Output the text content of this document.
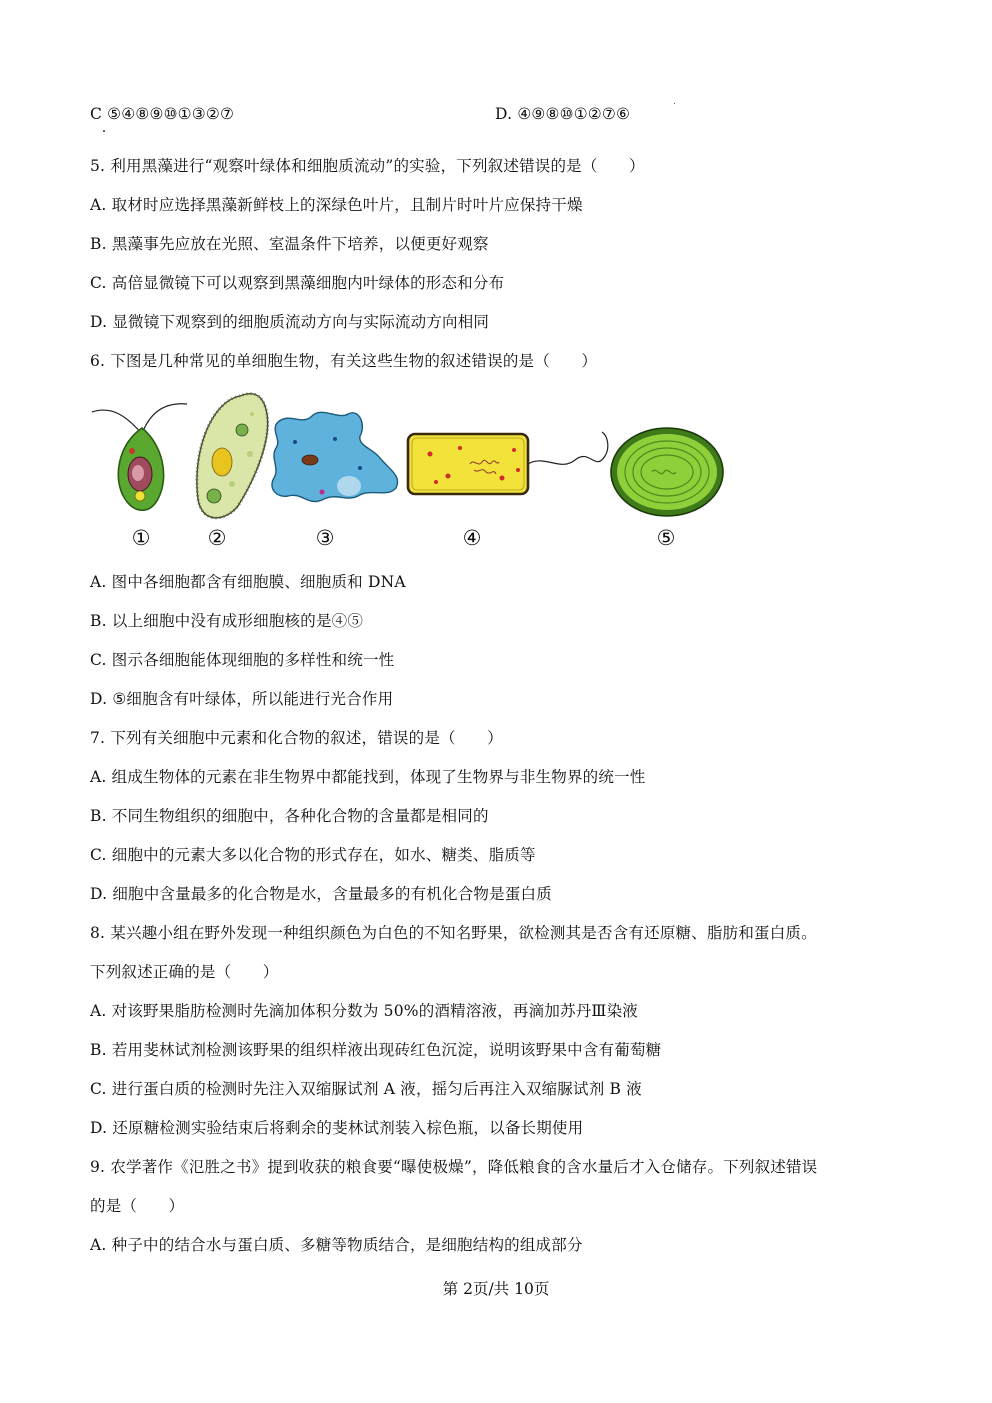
C ⑤④⑧⑨⑩①③②⑦	D. ④⑨⑧⑩①②⑦⑥
5. 利用黑藻进行“观察叶绿体和细胞质流动”的实验，下列叙述错误的是（　　）
A. 取材时应选择黑藻新鲜枝上的深绿色叶片，且制片时叶片应保持干燥
B. 黑藻事先应放在光照、室温条件下培养，以便更好观察
C. 高倍显微镜下可以观察到黑藻细胞内叶绿体的形态和分布
D. 显微镜下观察到的细胞质流动方向与实际流动方向相同
6. 下图是几种常见的单细胞生物，有关这些生物的叙述错误的是（　　）
①	②	③	④	⑤
A. 图中各细胞都含有细胞膜、细胞质和 DNA
B. 以上细胞中没有成形细胞核的是④⑤
C. 图示各细胞能体现细胞的多样性和统一性
D. ⑤细胞含有叶绿体，所以能进行光合作用
7. 下列有关细胞中元素和化合物的叙述，错误的是（　　）
A. 组成生物体的元素在非生物界中都能找到，体现了生物界与非生物界的统一性
B. 不同生物组织的细胞中，各种化合物的含量都是相同的
C. 细胞中的元素大多以化合物的形式存在，如水、糖类、脂质等
D. 细胞中含量最多的化合物是水，含量最多的有机化合物是蛋白质
8. 某兴趣小组在野外发现一种组织颜色为白色的不知名野果，欲检测其是否含有还原糖、脂肪和蛋白质。
下列叙述正确的是（　　）
A. 对该野果脂肪检测时先滴加体积分数为 50%的酒精溶液，再滴加苏丹Ⅲ染液
B. 若用斐林试剂检测该野果的组织样液出现砖红色沉淀，说明该野果中含有葡萄糖
C. 进行蛋白质的检测时先注入双缩脲试剂 A 液，摇匀后再注入双缩脲试剂 B 液
D. 还原糖检测实验结束后将剩余的斐林试剂装入棕色瓶，以备长期使用
9. 农学著作《氾胜之书》提到收获的粮食要“曝使极燥”，降低粮食的含水量后才入仓储存。下列叙述错误
的是（　　）
A. 种子中的结合水与蛋白质、多糖等物质结合，是细胞结构的组成部分
第 2页/共 10页
